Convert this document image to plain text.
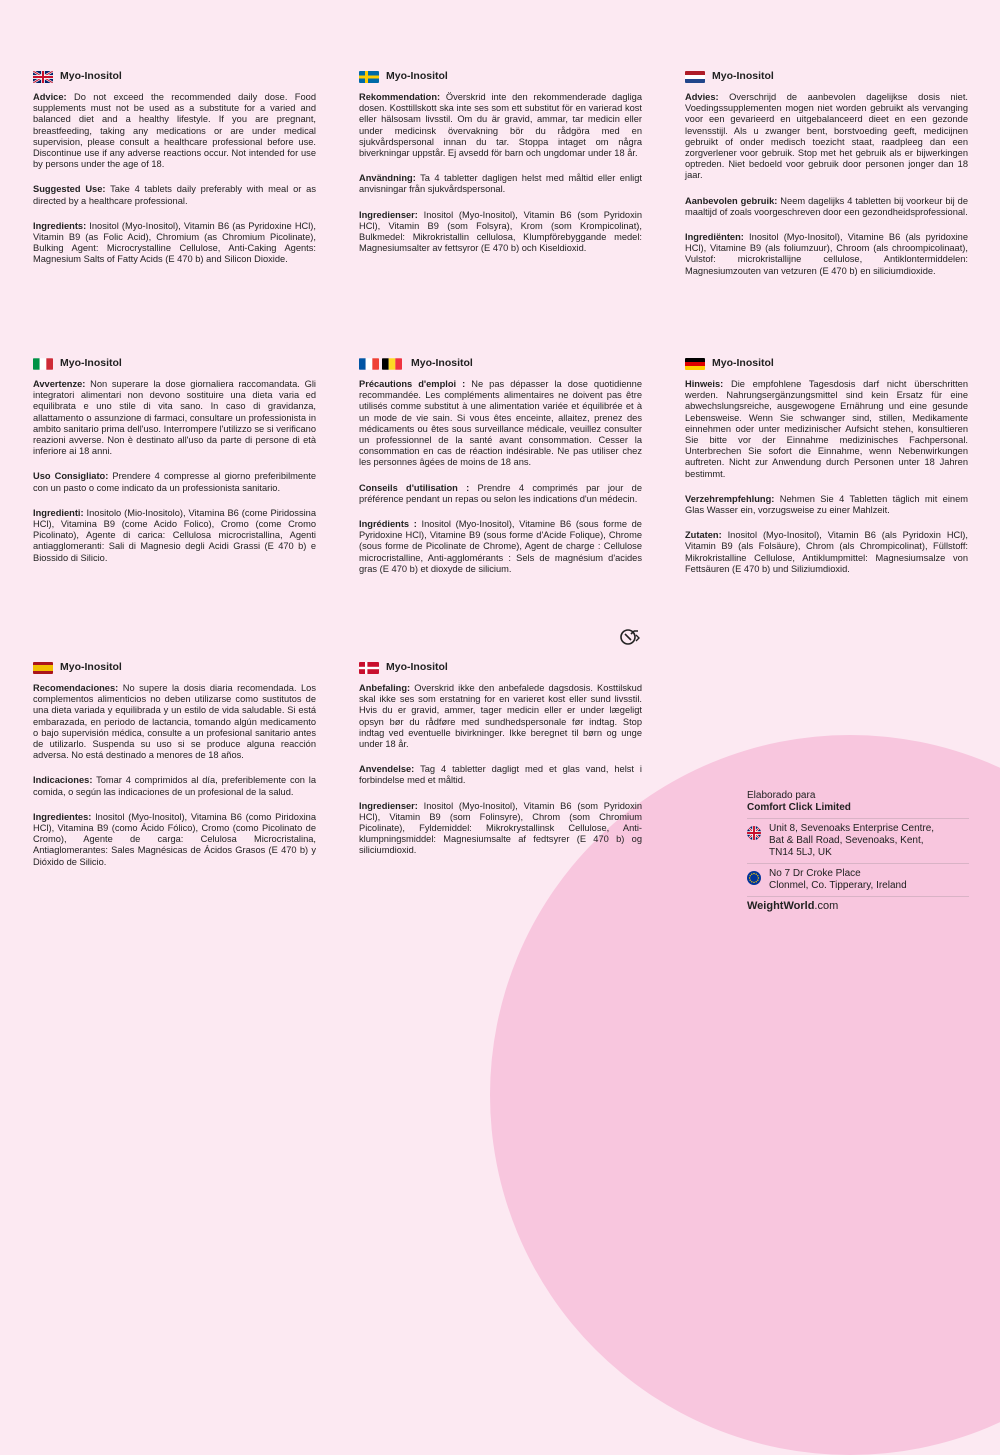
Myo-Inositol

Advice: Do not exceed the recommended daily dose. Food supplements must not be used as a substitute for a varied and balanced diet and a healthy lifestyle. If you are pregnant, breastfeeding, taking any medications or are under medical supervision, please consult a healthcare professional before use. Discontinue use if any adverse reactions occur. Not intended for use by persons under the age of 18.

Suggested Use: Take 4 tablets daily preferably with meal or as directed by a healthcare professional.

Ingredients: Inositol (Myo-Inositol), Vitamin B6 (as Pyridoxine HCl), Vitamin B9 (as Folic Acid), Chromium (as Chromium Picolinate), Bulking Agent: Microcrystalline Cellulose, Anti-Caking Agents: Magnesium Salts of Fatty Acids (E 470 b) and Silicon Dioxide.

Myo-Inositol

Rekommendation: Överskrid inte den rekommenderade dagliga dosen. Kosttillskott ska inte ses som ett substitut för en varierad kost eller hälsosam livsstil. Om du är gravid, ammar, tar medicin eller under medicinsk övervakning bör du rådgöra med en sjukvårdspersonal innan du tar. Stoppa intaget om några biverkningar uppstår. Ej avsedd för barn och ungdomar under 18 år.

Användning: Ta 4 tabletter dagligen helst med måltid eller enligt anvisningar från sjukvårdspersonal.

Ingredienser: Inositol (Myo-Inositol), Vitamin B6 (som Pyridoxin HCl), Vitamin B9 (som Folsyra), Krom (som Krompicolinat), Bulkmedel: Mikrokristallin cellulosa, Klumpförebyggande medel: Magnesiumsalter av fettsyror (E 470 b) och Kiseldioxid.

Myo-Inositol

Advies: Overschrijd de aanbevolen dagelijkse dosis niet. Voedingssupplementen mogen niet worden gebruikt als vervanging voor een gevarieerd en uitgebalanceerd dieet en een gezonde levensstijl. Als u zwanger bent, borstvoeding geeft, medicijnen gebruikt of onder medisch toezicht staat, raadpleeg dan een zorgverlener voor gebruik. Stop met het gebruik als er bijwerkingen optreden. Niet bedoeld voor gebruik door personen jonger dan 18 jaar.

Aanbevolen gebruik: Neem dagelijks 4 tabletten bij voorkeur bij de maaltijd of zoals voorgeschreven door een gezondheidsprofessional.

Ingrediënten: Inositol (Myo-Inositol), Vitamine B6 (als pyridoxine HCl), Vitamine B9 (als foliumzuur), Chroom (als chroompicolinaat), Vulstof: microkristallijne cellulose, Antiklontermiddelen: Magnesiumzouten van vetzuren (E 470 b) en siliciumdioxide.

Myo-Inositol

Avvertenze: Non superare la dose giornaliera raccomandata. Gli integratori alimentari non devono sostituire una dieta varia ed equilibrata e uno stile di vita sano. In caso di gravidanza, allattamento o assunzione di farmaci, consultare un professionista in ambito sanitario prima dell'uso. Interrompere l'utilizzo se si verificano reazioni avverse. Non è destinato all'uso da parte di persone di età inferiore ai 18 anni.

Uso Consigliato: Prendere 4 compresse al giorno preferibilmente con un pasto o come indicato da un professionista sanitario.

Ingredienti: Inositolo (Mio-Inositolo), Vitamina B6 (come Piridossina HCl), Vitamina B9 (come Acido Folico), Cromo (come Cromo Picolinato), Agente di carica: Cellulosa microcristallina, Agenti antiagglomeranti: Sali di Magnesio degli Acidi Grassi (E 470 b) e Biossido di Silicio.

Myo-Inositol

Précautions d'emploi : Ne pas dépasser la dose quotidienne recommandée. Les compléments alimentaires ne doivent pas être utilisés comme substitut à une alimentation variée et équilibrée et à un mode de vie sain. Si vous êtes enceinte, allaitez, prenez des médicaments ou êtes sous surveillance médicale, veuillez consulter un professionnel de la santé avant consommation. Cesser la consommation en cas de réaction indésirable. Ne pas utiliser chez les personnes âgées de moins de 18 ans.

Conseils d'utilisation : Prendre 4 comprimés par jour de préférence pendant un repas ou selon les indications d'un médecin.

Ingrédients : Inositol (Myo-Inositol), Vitamine B6 (sous forme de Pyridoxine HCl), Vitamine B9 (sous forme d'Acide Folique), Chrome (sous forme de Picolinate de Chrome), Agent de charge : Cellulose microcristalline, Anti-agglomérants : Sels de magnésium d'acides gras (E 470 b) et dioxyde de silicium.

Myo-Inositol

Hinweis: Die empfohlene Tagesdosis darf nicht überschritten werden. Nahrungsergänzungsmittel sind kein Ersatz für eine abwechslungsreiche, ausgewogene Ernährung und eine gesunde Lebensweise. Wenn Sie schwanger sind, stillen, Medikamente einnehmen oder unter medizinischer Aufsicht stehen, konsultieren Sie bitte vor der Einnahme medizinisches Fachpersonal. Unterbrechen Sie sofort die Einnahme, wenn Nebenwirkungen auftreten. Nicht zur Anwendung durch Personen unter 18 Jahren bestimmt.

Verzehrempfehlung: Nehmen Sie 4 Tabletten täglich mit einem Glas Wasser ein, vorzugsweise zu einer Mahlzeit.

Zutaten: Inositol (Myo-Inositol), Vitamin B6 (als Pyridoxin HCl), Vitamin B9 (als Folsäure), Chrom (als Chrompicolinat), Füllstoff: Mikrokristalline Cellulose, Antiklumpmittel: Magnesiumsalze von Fettsäuren (E 470 b) und Siliziumdioxid.

Myo-Inositol

Recomendaciones: No supere la dosis diaria recomendada. Los complementos alimenticios no deben utilizarse como sustitutos de una dieta variada y equilibrada y un estilo de vida saludable. Si está embarazada, en periodo de lactancia, tomando algún medicamento o bajo supervisión médica, consulte a un profesional sanitario antes de utilizarlo. Suspenda su uso si se produce alguna reacción adversa. No está destinado a menores de 18 años.

Indicaciones: Tomar 4 comprimidos al día, preferiblemente con la comida, o según las indicaciones de un profesional de la salud.

Ingredientes: Inositol (Myo-Inositol), Vitamina B6 (como Piridoxina HCl), Vitamina B9 (como Ácido Fólico), Cromo (como Picolinato de Cromo), Agente de carga: Celulosa Microcristalina, Antiaglomerantes: Sales Magnésicas de Ácidos Grasos (E 470 b) y Dióxido de Silicio.

Myo-Inositol

Anbefaling: Overskrid ikke den anbefalede dagsdosis. Kosttilskud skal ikke ses som erstatning for en varieret kost eller sund livsstil. Hvis du er gravid, ammer, tager medicin eller er under lægeligt opsyn bør du rådføre med sundhedspersonale før indtag. Stop indtag ved eventuelle bivirkninger. Ikke beregnet til børn og unge under 18 år.

Anvendelse: Tag 4 tabletter dagligt med et glas vand, helst i forbindelse med et måltid.

Ingredienser: Inositol (Myo-Inositol), Vitamin B6 (som Pyridoxin HCl), Vitamin B9 (som Folinsyre), Chrom (som Chromium Picolinate), Fyldemiddel: Mikrokrystallinsk Cellulose, Anti-klumpningsmiddel: Magnesiumsalte af fedtsyrer (E 470 b) og siliciumdioxid.

Elaborado para
Comfort Click Limited
Unit 8, Sevenoaks Enterprise Centre,
Bat & Ball Road, Sevenoaks, Kent,
TN14 5LJ, UK
No 7 Dr Croke Place
Clonmel, Co. Tipperary, Ireland
WeightWorld.com
